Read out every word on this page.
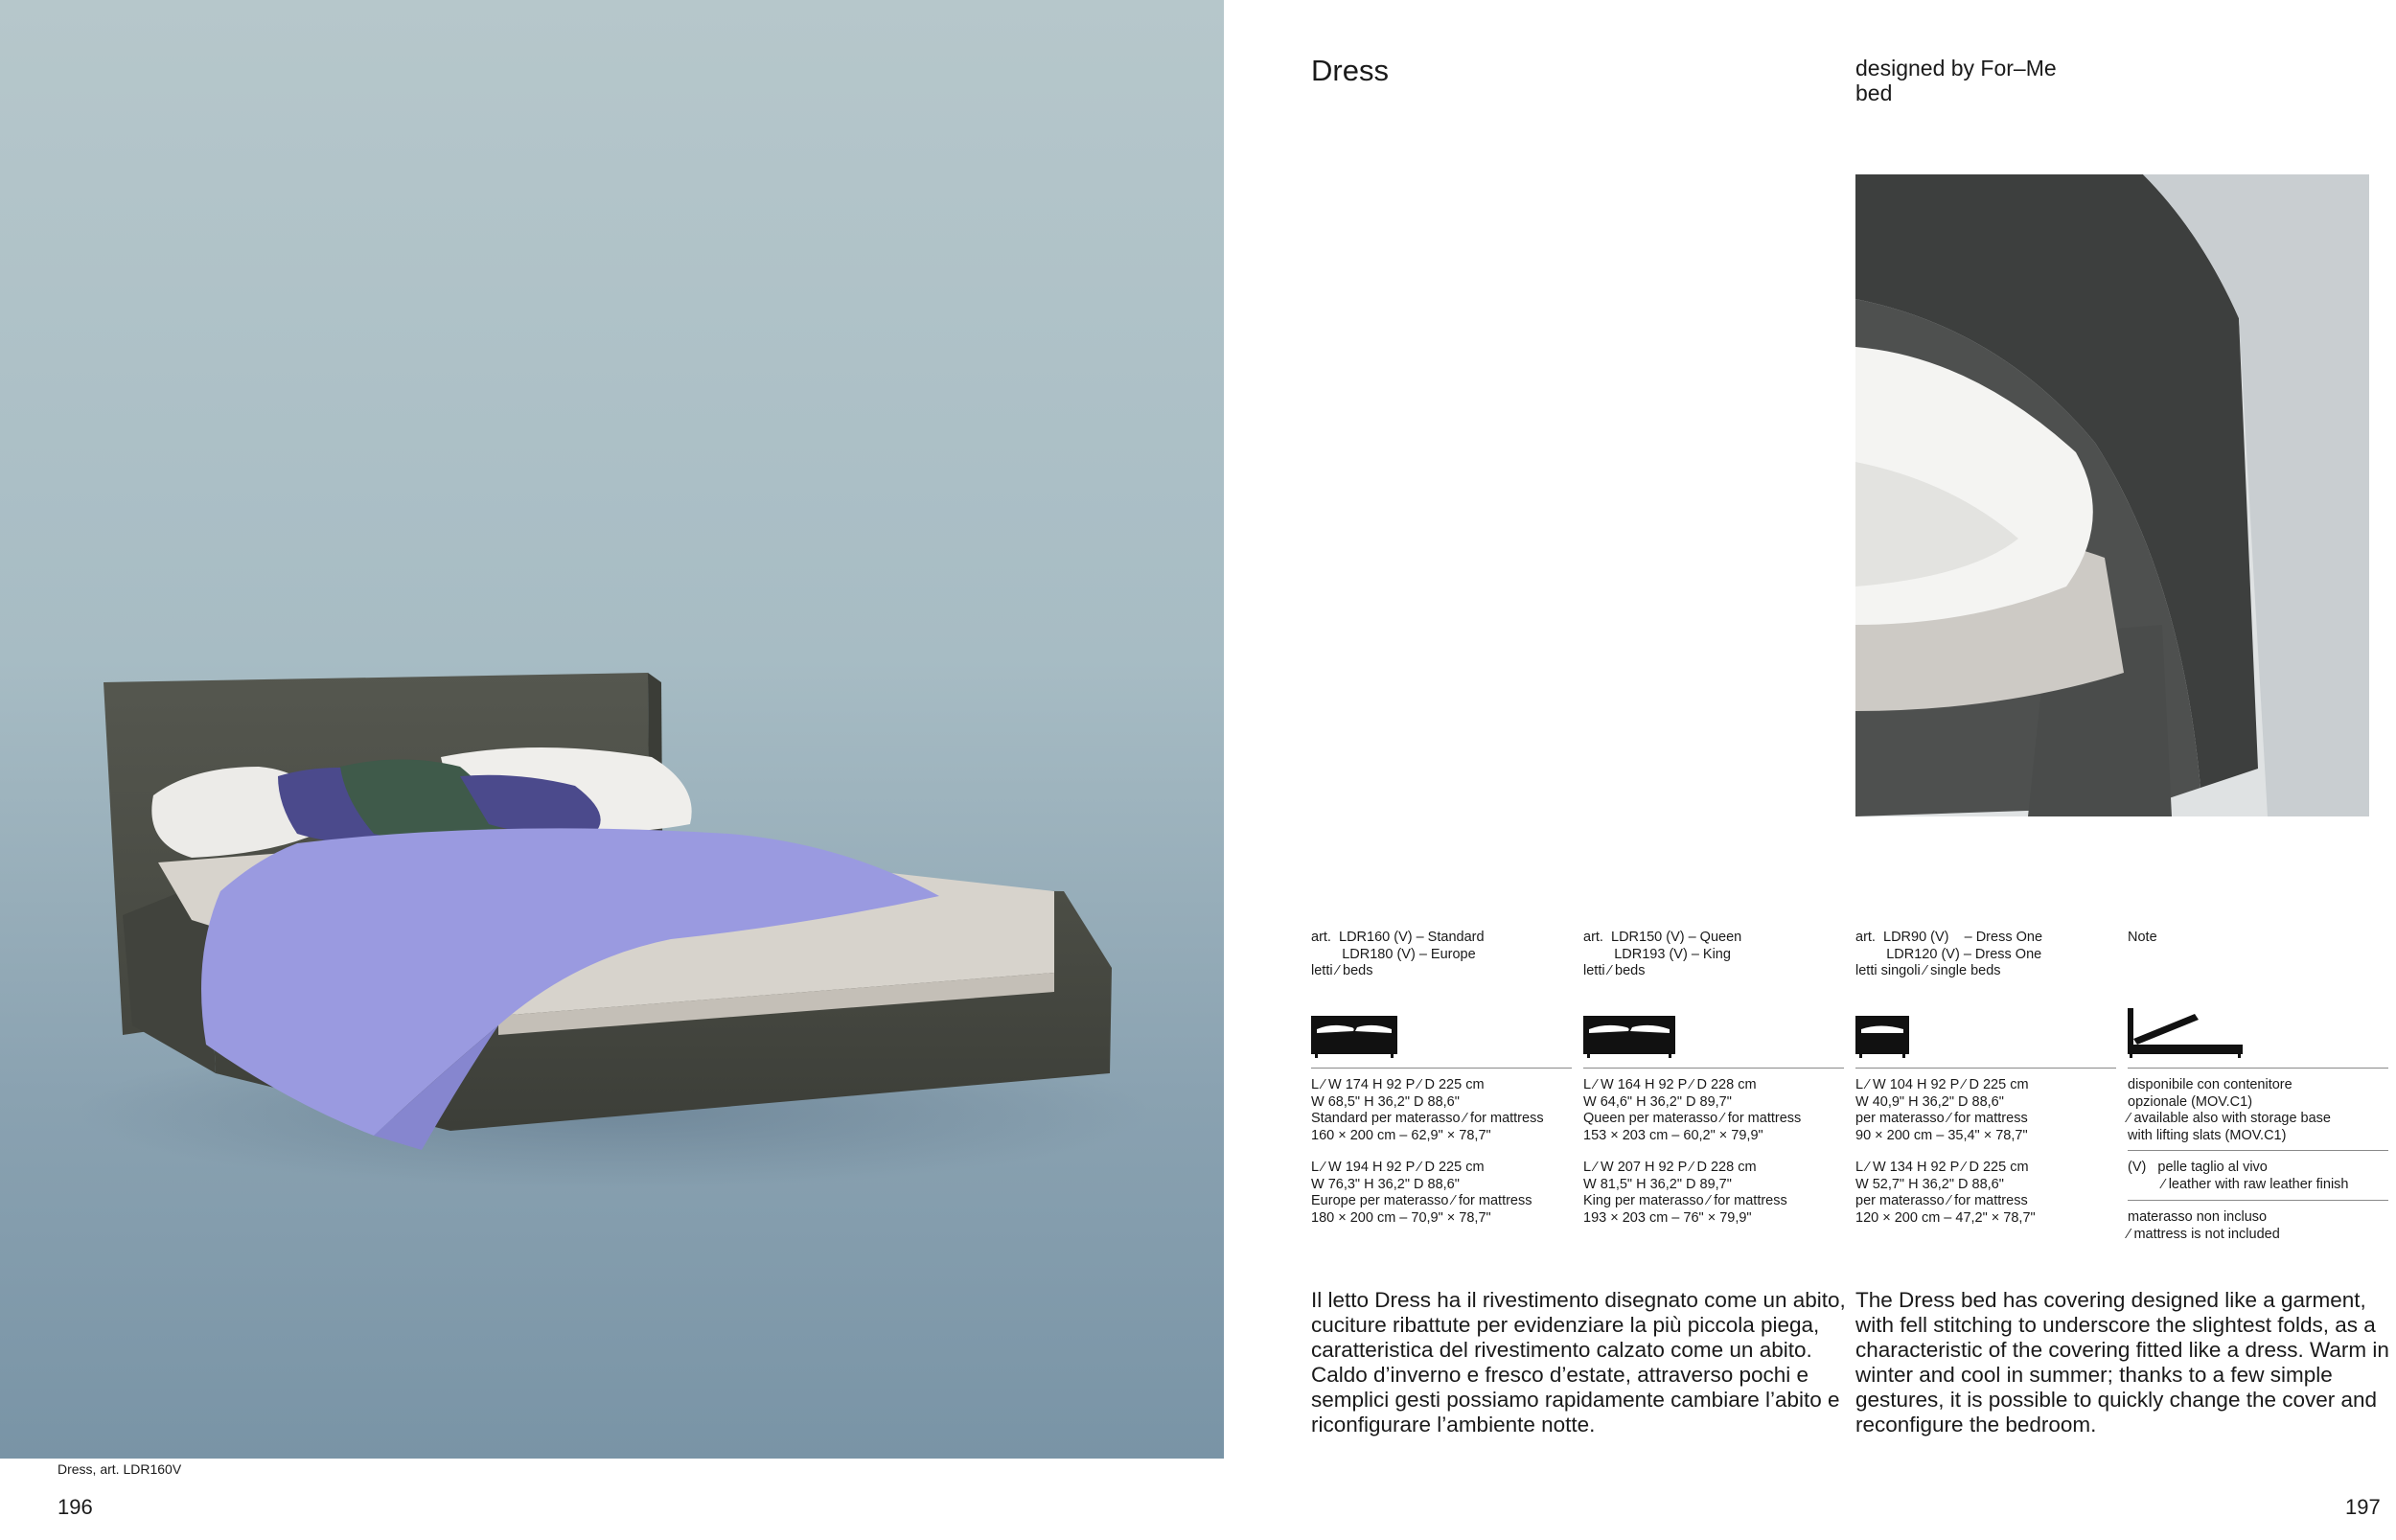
Dress, art. LDR160V
196
Dress	designed by For–Me
bed
art.  LDR160 (V) – Standard
LDR180 (V) – Europe
letti ⁄ beds
art.  LDR150 (V) – Queen
LDR193 (V) – King
letti ⁄ beds
art.  LDR90 (V)    – Dress One
LDR120 (V) – Dress One
letti singoli ⁄ single beds
Note
L ⁄ W 174 H 92 P ⁄ D 225 cm
W 68,5" H 36,2" D 88,6"
Standard per materasso ⁄ for mattress
160 × 200 cm – 62,9" × 78,7"
L ⁄ W 194 H 92 P ⁄ D 225 cm
W 76,3" H 36,2" D 88,6"
Europe per materasso ⁄ for mattress
180 × 200 cm – 70,9" × 78,7"
L ⁄ W 164 H 92 P ⁄ D 228 cm
W 64,6" H 36,2" D 89,7"
Queen per materasso ⁄ for mattress
153 × 203 cm – 60,2" × 79,9"
L ⁄ W 207 H 92 P ⁄ D 228 cm
W 81,5" H 36,2" D 89,7"
King per materasso ⁄ for mattress
193 × 203 cm – 76" × 79,9"
L ⁄ W 104 H 92 P ⁄ D 225 cm
W 40,9" H 36,2" D 88,6"
per materasso ⁄ for mattress
90 × 200 cm – 35,4" × 78,7"
L ⁄ W 134 H 92 P ⁄ D 225 cm
W 52,7" H 36,2" D 88,6"
per materasso ⁄ for mattress
120 × 200 cm – 47,2" × 78,7"
disponibile con contenitore
opzionale (MOV.C1)
⁄ available also with storage base
with lifting slats (MOV.C1)
(V)   pelle taglio al vivo
⁄ leather with raw leather finish
materasso non incluso
⁄ mattress is not included
Il letto Dress ha il rivestimento disegnato come un abito, cuciture ribattute per evidenziare la più piccola piega, caratteristica del rivestimento calzato come un abito. Caldo d’inverno e fresco d’estate, attraverso pochi e semplici gesti possiamo rapidamente cambiare l’abito e riconfigurare l’ambiente notte.
The Dress bed has covering designed like a garment, with fell stitching to underscore the slightest folds, as a characteristic of the covering fitted like a dress. Warm in winter and cool in summer; thanks to a few simple gestures, it is possible to quickly change the cover and reconfigure the bedroom.
197
